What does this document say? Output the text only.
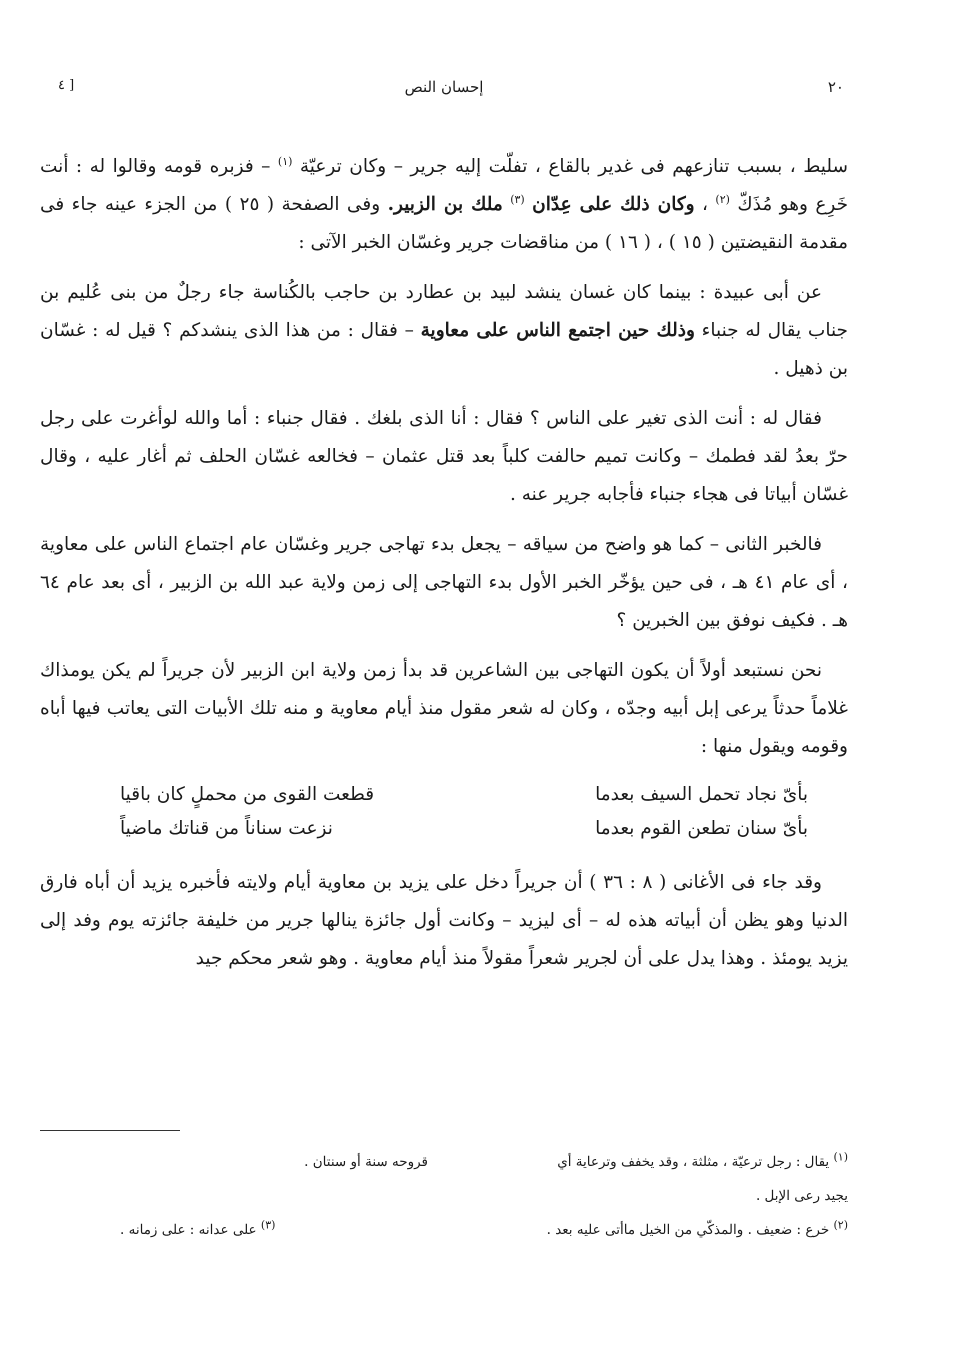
٢٠
إحسان النص
[ ٤

سليط ، بسبب تنازعهم فى غدير بالقاع ، تفلّت إليه جرير – وكان ترعيّة $^{(١)}$ – فزبره قومه وقالوا له : أنت خَرِع وهو مُذَكّ $^{(٢)}$ ، وكان ذلك على عِدّان $^{(٣)}$ ملك بن الزبير. وفى الصفحة ( ٢٥ ) من الجزء عينه جاء فى مقدمة النقيضتين ( ١٥ ) ، ( ١٦ ) من مناقضات جرير وغسّان الخبر الآتى :

عن أبى عبيدة : بينما كان غسان ينشد لبيد بن عطارد بن حاجب بالكُناسة جاء رجلٌ من بنى عُليم بن جناب يقال له جنباء وذلك حين اجتمع الناس على معاوية – فقال : من هذا الذى ينشدكم ؟ قيل له : غسّان بن ذهيل .

فقال له : أنت الذى تغير على الناس ؟ فقال : أنا الذى بلغك . فقال جنباء : أما والله لوأغرت على رجل حرّ بعدُ لقد فطمك – وكانت تميم حالفت كلباً بعد قتل عثمان – فخالعه غسّان الحلف ثم أغار عليه ، وقال غسّان أبياتا فى هجاء جنباء فأجابه جرير عنه .

فالخبر الثانى – كما هو واضح من سياقه – يجعل بدء تهاجى جرير وغسّان عام اجتماع الناس على معاوية ، أى عام ٤١ هـ ، فى حين يؤخّر الخبر الأول بدء التهاجى إلى زمن ولاية عبد الله بن الزبير ، أى بعد عام ٦٤ هـ . فكيف نوفق بين الخبرين ؟

نحن نستبعد أولاً أن يكون التهاجى بين الشاعرين قد بدأ زمن ولاية ابن الزبير لأن جريراً لم يكن يومذاك غلاماً حدثاً يرعى إبل أبيه وجدّه ، وكان له شعر مقول منذ أيام معاوية و منه تلك الأبيات التى يعاتب فيها أباه وقومه ويقول منها :

بأىّ نجاد تحمل السيف بعدما
قطعت القوى من محملٍ كان باقيا
بأىّ سنان تطعن القوم بعدما
نزعت سناناً من قناتك ماضياً

وقد جاء فى الأغانى ( ٨ : ٣٦ ) أن جريراً دخل على يزيد بن معاوية أيام ولايته فأخبره يزيد أن أباه فارق الدنيا وهو يظن أن أبياته هذه له – أى ليزيد – وكانت أول جائزة ينالها جرير من خليفة جائزته يوم وفد إلى يزيد يومئذ . وهذا يدل على أن لجرير شعراً مقولاً منذ أيام معاوية . وهو شعر محكم جيد

$^{(١)}$ يقال : رجل ترعيّة ، مثلثة ، وقد يخفف وترعاية أي
قروحه سنة أو سنتان .
يجيد رعى الإبل .
$^{(٢)}$ خرع : ضعيف . والمذكّي من الخيل ماأتى عليه بعد .
$^{(٣)}$ على عدانه : على زمانه .
